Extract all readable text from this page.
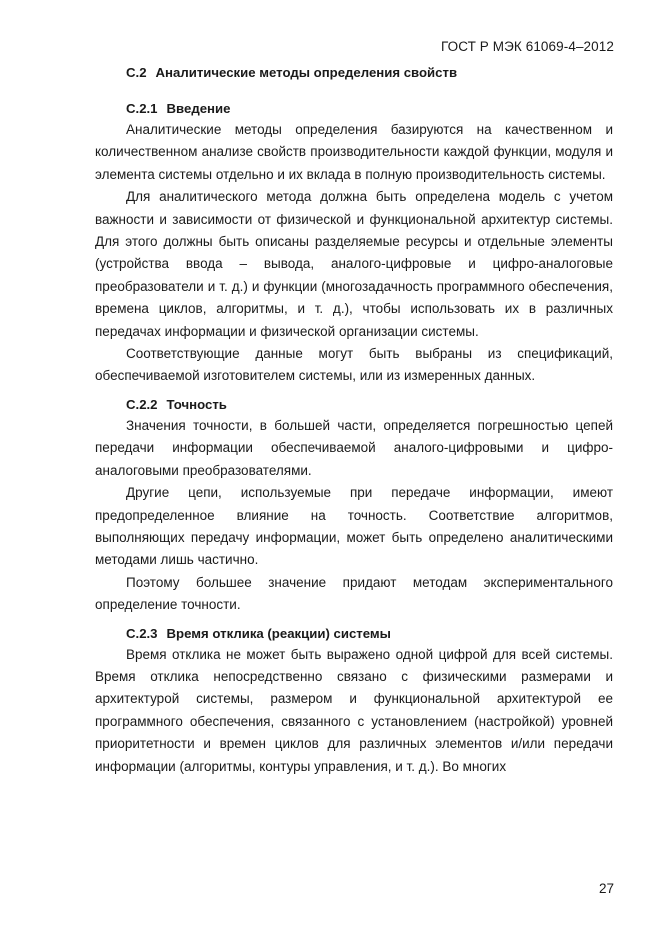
ГОСТ Р МЭК 61069-4–2012
C.2 Аналитические методы определения свойств
C.2.1 Введение

Аналитические методы определения базируются на качественном и количественном анализе свойств производительности каждой функции, модуля и элемента системы отдельно и их вклада в полную производительность системы.

Для аналитического метода должна быть определена модель с учетом важности и зависимости от физической и функциональной архитектур системы. Для этого должны быть описаны разделяемые ресурсы и отдельные элементы (устройства ввода – вывода, аналого-цифровые и цифро-аналоговые преобразователи и т. д.) и функции (многозадачность программного обеспечения, времена циклов, алгоритмы, и т. д.), чтобы использовать их в различных передачах информации и физической организации системы.

Соответствующие данные могут быть выбраны из спецификаций, обеспечиваемой изготовителем системы, или из измеренных данных.

C.2.2 Точность

Значения точности, в большей части, определяется погрешностью цепей передачи информации обеспечиваемой аналого-цифровыми и цифро-аналоговыми преобразователями.

Другие цепи, используемые при передаче информации, имеют предопределенное влияние на точность. Соответствие алгоритмов, выполняющих передачу информации, может быть определено аналитическими методами лишь частично.

Поэтому большее значение придают методам экспериментального определение точности.

C.2.3 Время отклика (реакции) системы

Время отклика не может быть выражено одной цифрой для всей системы. Время отклика непосредственно связано с физическими размерами и архитектурой системы, размером и функциональной архитектурой ее программного обеспечения, связанного с установлением (настройкой) уровней приоритетности и времен циклов для различных элементов и/или передачи информации (алгоритмы, контуры управления, и т. д.). Во многих

27
